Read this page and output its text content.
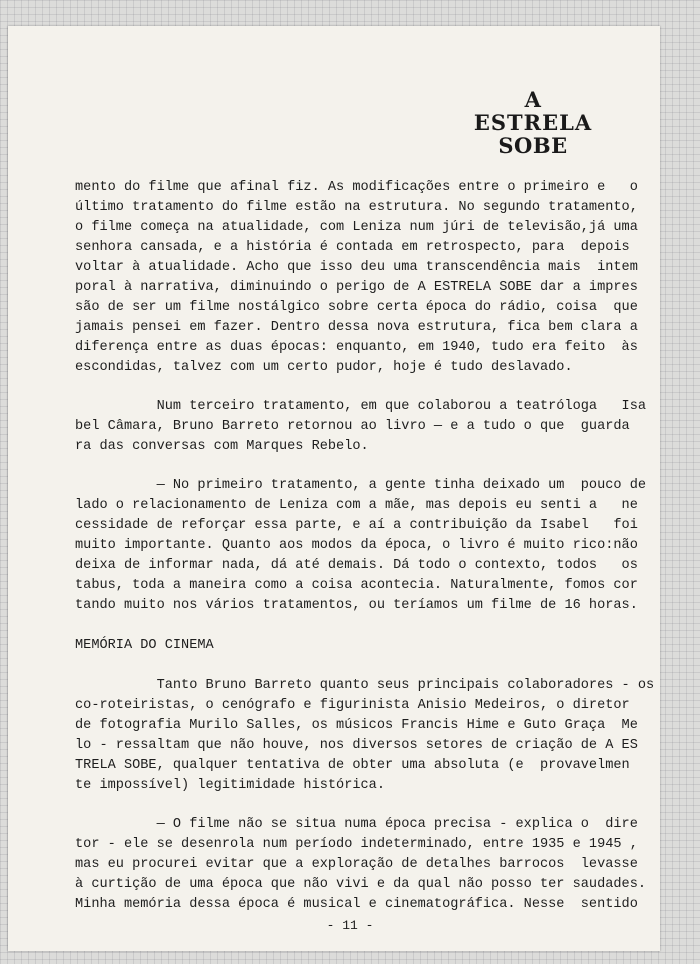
A
ESTRELA
SOBE
mento do filme que afinal fiz. As modificações entre o primeiro e   o
último tratamento do filme estão na estrutura. No segundo tratamento,
o filme começa na atualidade, com Leniza num júri de televisão,já uma
senhora cansada, e a história é contada em retrospecto, para  depois
voltar à atualidade. Acho que isso deu uma transcendência mais  intem
poral à narrativa, diminuindo o perigo de A ESTRELA SOBE dar a impres
são de ser um filme nostálgico sobre certa época do rádio, coisa  que
jamais pensei em fazer. Dentro dessa nova estrutura, fica bem clara a
diferença entre as duas épocas: enquanto, em 1940, tudo era feito  às
escondidas, talvez com um certo pudor, hoje é tudo deslavado.
Num terceiro tratamento, em que colaborou a teatróloga   Isa
bel Câmara, Bruno Barreto retornou ao livro — e a tudo o que  guarda
ra das conversas com Marques Rebelo.
— No primeiro tratamento, a gente tinha deixado um  pouco de
lado o relacionamento de Leniza com a mãe, mas depois eu senti a   ne
cessidade de reforçar essa parte, e aí a contribuição da Isabel   foi
muito importante. Quanto aos modos da época, o livro é muito rico:não
deixa de informar nada, dá até demais. Dá todo o contexto, todos   os
tabus, toda a maneira como a coisa acontecia. Naturalmente, fomos cor
tando muito nos vários tratamentos, ou teríamos um filme de 16 horas.
MEMÓRIA DO CINEMA
Tanto Bruno Barreto quanto seus principais colaboradores - os
co-roteiristas, o cenógrafo e figurinista Anisio Medeiros, o diretor
de fotografia Murilo Salles, os músicos Francis Hime e Guto Graça  Me
lo - ressaltam que não houve, nos diversos setores de criação de A ES
TRELA SOBE, qualquer tentativa de obter uma absoluta (e  provavelmen
te impossível) legitimidade histórica.
— O filme não se situa numa época precisa - explica o  dire
tor - ele se desenrola num período indeterminado, entre 1935 e 1945 ,
mas eu procurei evitar que a exploração de detalhes barrocos  levasse
à curtição de uma época que não vivi e da qual não posso ter saudades.
Minha memória dessa época é musical e cinematográfica. Nesse  sentido
- 11 -
